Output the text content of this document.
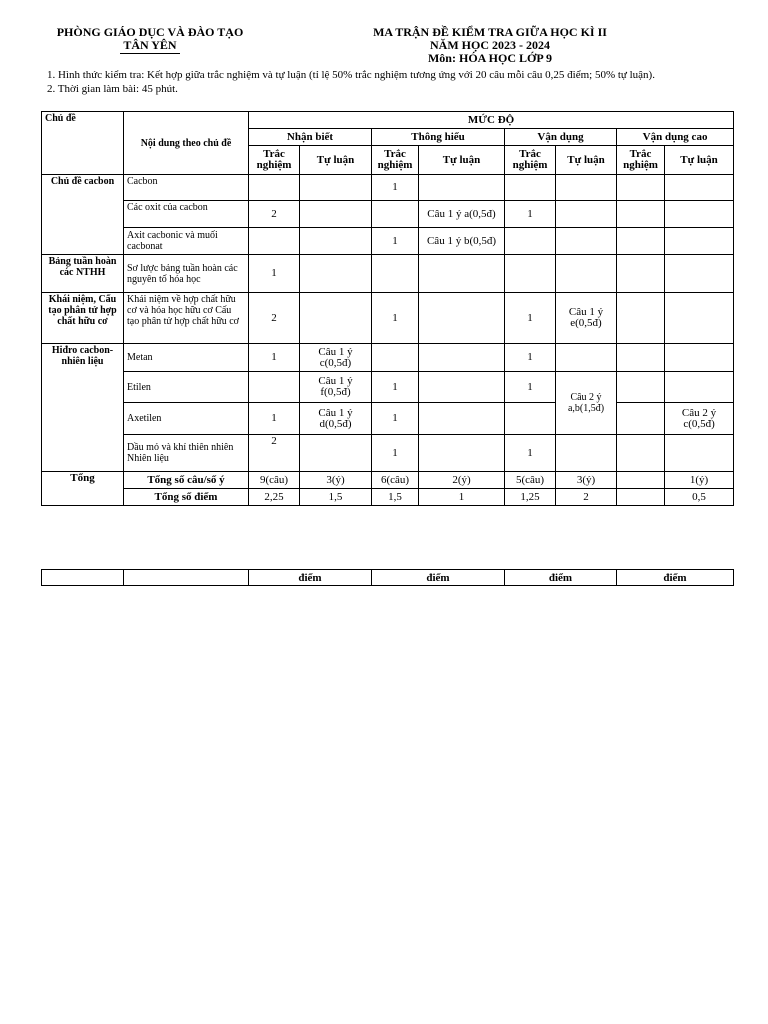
PHÒNG GIÁO DỤC VÀ ĐÀO TẠO
TÂN YÊN
MA TRẬN ĐỀ KIỂM TRA GIỮA HỌC KÌ II
NĂM HỌC 2023 - 2024
Môn: HÓA HỌC LỚP 9
1. Hình thức kiểm tra: Kết hợp giữa trắc nghiệm và tự luận (tỉ lệ 50% trắc nghiệm tương ứng với 20 câu mỗi câu 0,25 điểm; 50% tự luận).
2. Thời gian làm bài: 45 phút.
Chủ đề	Nội dung theo chủ đề	MỨC ĐỘ							
		Nhận biết		Thông hiểu		Vận dụng		Vận dụng cao	
		Trắc nghiệm	Tự luận	Trắc nghiệm	Tự luận	Trắc nghiệm	Tự luận	Trắc nghiệm	Tự luận
Chủ đề cacbon	Cacbon			1					
	Các oxit của cacbon	2			Câu 1 ý a(0,5đ)	1			
	Axit cacbonic và muối cacbonat			1	Câu 1 ý b(0,5đ)				
Bảng tuần hoàn các NTHH	Sơ lược bảng tuần hoàn các nguyên tố hóa học	1							
Khái niệm, Cấu tạo phân tử hợp chất hữu cơ	Khái niệm về hợp chất hữu cơ và hóa học hữu cơ Cấu tạo phân tử hợp chất hữu cơ	2		1		1	Câu 1 ý e(0,5đ)		
Hiđro cacbon- nhiên liệu	Metan	1	Câu 1 ý c(0,5đ)			1			
	Etilen		Câu 1 ý f(0,5đ)	1		1	Câu 2 ý a,b(1,5đ)		
	Axetilen	1	Câu 1 ý d(0,5đ)	1					Câu 2 ý c(0,5đ)
	Dầu mỏ và khí thiên nhiên Nhiên liệu	2		1		1			
Tổng	Tổng số câu/số ý	9(câu)	3(ý)	6(câu)	2(ý)	5(câu)	3(ý)		1(ý)
	Tổng số điểm	2,25	1,5	1,5	1	1,25	2		0,5
		điểm	điểm	điểm	điểm
